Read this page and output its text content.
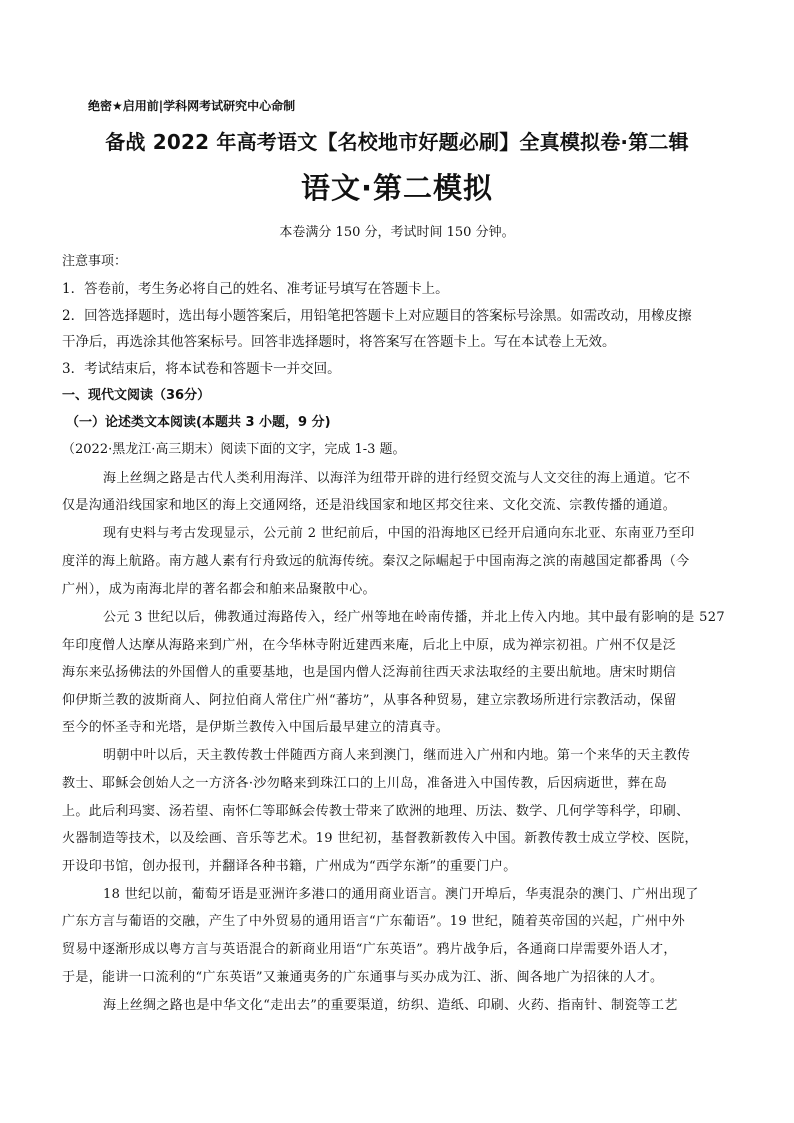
绝密★启用前|学科网考试研究中心命制

备战 2022 年高考语文【名校地市好题必刷】全真模拟卷·第二辑
语文·第二模拟

本卷满分 150 分，考试时间 150 分钟。

注意事项：

1．答卷前，考生务必将自己的姓名、准考证号填写在答题卡上。

2．回答选择题时，选出每小题答案后，用铅笔把答题卡上对应题目的答案标号涂黑。如需改动，用橡皮擦

干净后，再选涂其他答案标号。回答非选择题时，将答案写在答题卡上。写在本试卷上无效。

3．考试结束后，将本试卷和答题卡一并交回。

一、现代文阅读（36分）

（一）论述类文本阅读(本题共 3 小题，9 分)

（2022·黑龙江·高三期末）阅读下面的文字，完成 1-3 题。

海上丝绸之路是古代人类利用海洋、以海洋为纽带开辟的进行经贸交流与人文交往的海上通道。它不

仅是沟通沿线国家和地区的海上交通网络，还是沿线国家和地区邦交往来、文化交流、宗教传播的通道。

现有史料与考古发现显示，公元前 2 世纪前后，中国的沿海地区已经开启通向东北亚、东南亚乃至印

度洋的海上航路。南方越人素有行舟致远的航海传统。秦汉之际崛起于中国南海之滨的南越国定都番禺（今

广州），成为南海北岸的著名都会和舶来品聚散中心。

公元 3 世纪以后，佛教通过海路传入，经广州等地在岭南传播，并北上传入内地。其中最有影响的是 527

年印度僧人达摩从海路来到广州，在今华林寺附近建西来庵，后北上中原，成为禅宗初祖。广州不仅是泛

海东来弘扬佛法的外国僧人的重要基地，也是国内僧人泛海前往西天求法取经的主要出航地。唐宋时期信

仰伊斯兰教的波斯商人、阿拉伯商人常住广州“蕃坊”，从事各种贸易，建立宗教场所进行宗教活动，保留

至今的怀圣寺和光塔，是伊斯兰教传入中国后最早建立的清真寺。

明朝中叶以后，天主教传教士伴随西方商人来到澳门，继而进入广州和内地。第一个来华的天主教传

教士、耶稣会创始人之一方济各·沙勿略来到珠江口的上川岛，准备进入中国传教，后因病逝世，葬在岛

上。此后利玛窦、汤若望、南怀仁等耶稣会传教士带来了欧洲的地理、历法、数学、几何学等科学，印刷、

火器制造等技术，以及绘画、音乐等艺术。19 世纪初，基督教新教传入中国。新教传教士成立学校、医院，

开设印书馆，创办报刊，并翻译各种书籍，广州成为“西学东渐”的重要门户。

18 世纪以前，葡萄牙语是亚洲许多港口的通用商业语言。澳门开埠后，华夷混杂的澳门、广州出现了

广东方言与葡语的交融，产生了中外贸易的通用语言“广东葡语”。19 世纪，随着英帝国的兴起，广州中外

贸易中逐渐形成以粤方言与英语混合的新商业用语“广东英语”。鸦片战争后，各通商口岸需要外语人才，

于是，能讲一口流利的“广东英语”又兼通夷务的广东通事与买办成为江、浙、闽各地广为招徕的人才。

海上丝绸之路也是中华文化“走出去”的重要渠道，纺织、造纸、印刷、火药、指南针、制瓷等工艺
